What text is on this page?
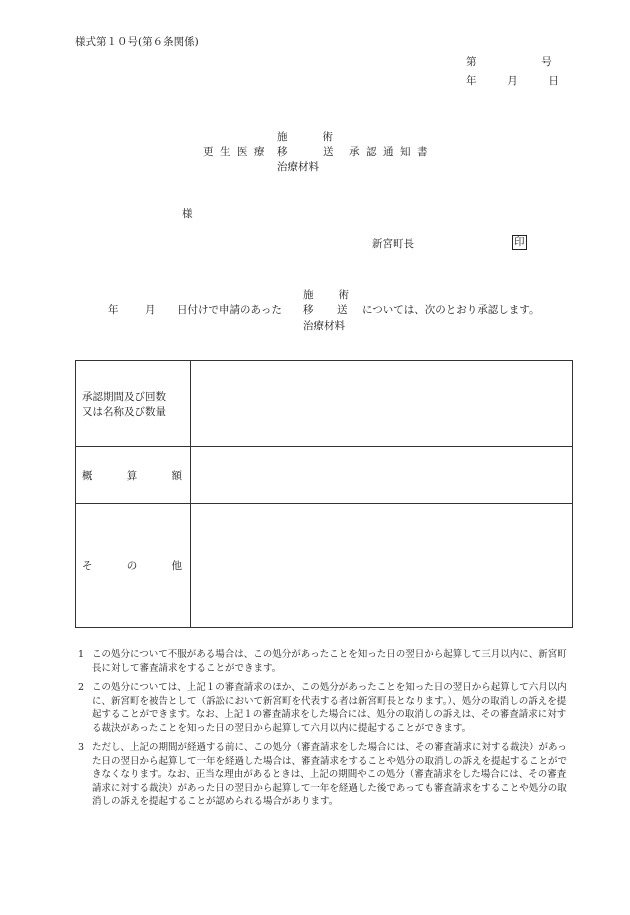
様式第１０号(第６条関係)
第	号
年	月	日
施	術
更 生 医 療 移	送 承 認 通 知 書
治療材料
様
新宮町長	印
施 術
年	月 日付けで申請のあった 移 送 については、次のとおり承認します。
治療材料
承認期間及び回数
又は名称及び数量	

概 算 額	

そ の 他	

1 この処分について不服がある場合は、この処分があったことを知った日の翌日から起算して三月以内に、新宮町長に対して審査請求をすることができます。
2 この処分については、上記１の審査請求のほか、この処分があったことを知った日の翌日から起算して六月以内に、新宮町を被告として（訴訟において新宮町を代表する者は新宮町長となります。）、処分の取消しの訴えを提起することができます。なお、上記１の審査請求をした場合には、処分の取消しの訴えは、その審査請求に対する裁決があったことを知った日の翌日から起算して六月以内に提起することができます。
3 ただし、上記の期間が経過する前に、この処分（審査請求をした場合には、その審査請求に対する裁決）があった日の翌日から起算して一年を経過した場合は、審査請求をすることや処分の取消しの訴えを提起することができなくなります。なお、正当な理由があるときは、上記の期間やこの処分（審査請求をした場合には、その審査請求に対する裁決）があった日の翌日から起算して一年を経過した後であっても審査請求をすることや処分の取消しの訴えを提起することが認められる場合があります。
